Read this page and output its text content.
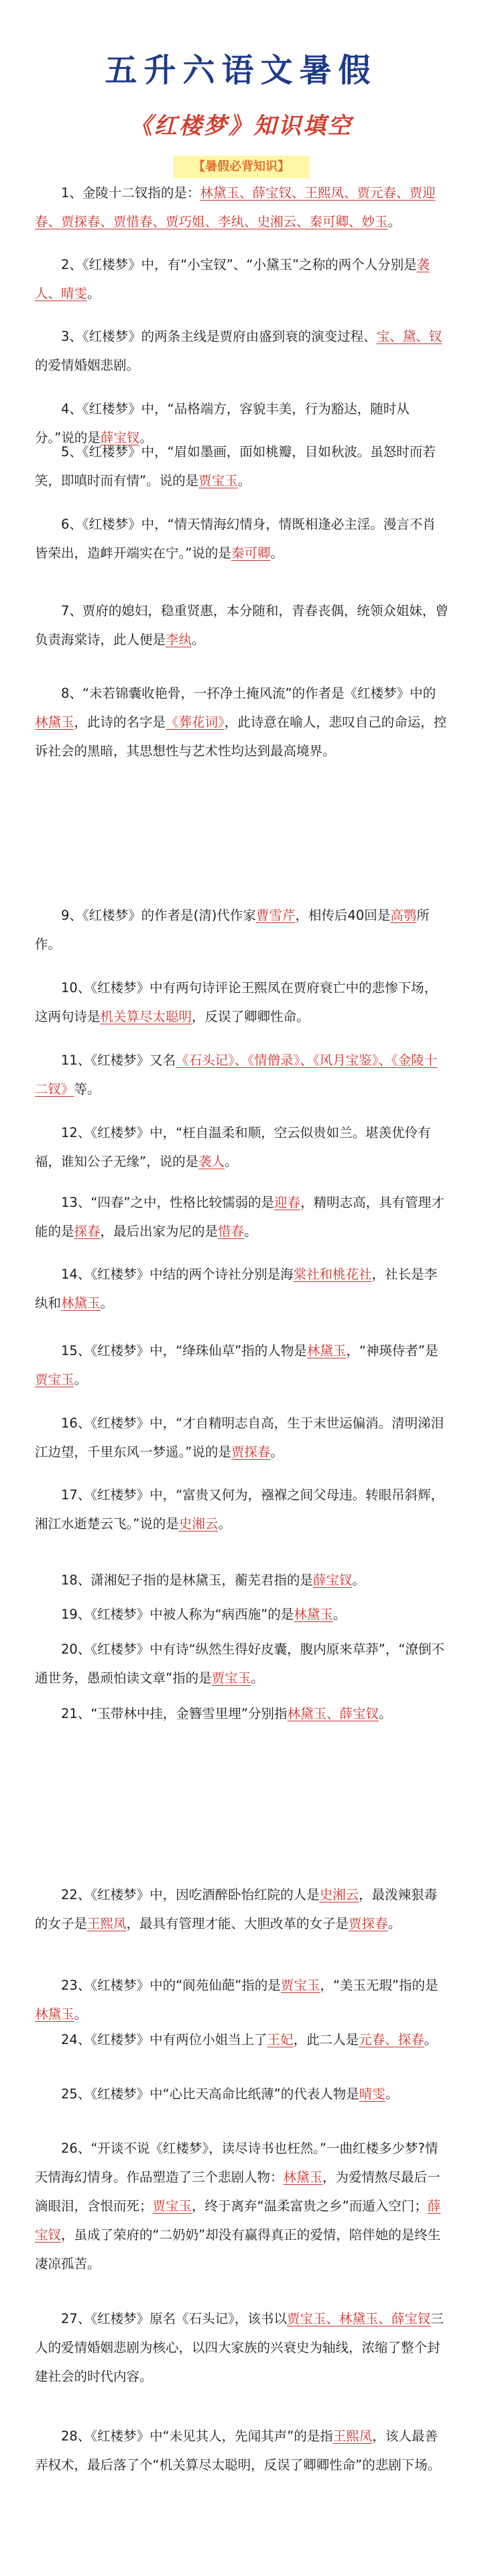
五升六语文暑假
《红楼梦》知识填空
【暑假必背知识】

1、金陵十二钗指的是：林黛玉、薛宝钗、王熙凤、贾元春、贾迎春、贾探春、贾惜春、贾巧姐、李纨、史湘云、秦可卿、妙玉。

2、《红楼梦》中，有“小宝钗”、“小黛玉”之称的两个人分别是袭人、晴雯。

3、《红楼梦》的两条主线是贾府由盛到衰的演变过程、宝、黛、钗的爱情婚姻悲剧。

4、《红楼梦》中，“品格端方，容貌丰美，行为豁达，随时从分。”说的是薛宝钗。

5、《红楼梦》中，“眉如墨画，面如桃瓣，目如秋波。虽怒时而若笑，即嗔时而有情”。说的是贾宝玉。

6、《红楼梦》中，“情天情海幻情身，情既相逢必主淫。漫言不肖皆荣出，造衅开端实在宁。”说的是秦可卿。

7、贾府的媳妇，稳重贤惠，本分随和，青春丧偶，统领众姐妹，曾负责海棠诗，此人便是李纨。

8、“未若锦囊收艳骨，一抔净土掩风流”的作者是《红楼梦》中的林黛玉，此诗的名字是《葬花词》，此诗意在喻人，悲叹自己的命运，控诉社会的黑暗，其思想性与艺术性均达到最高境界。

9、《红楼梦》的作者是(清)代作家曹雪芹，相传后40回是高鹗所作。

10、《红楼梦》中有两句诗评论王熙凤在贾府衰亡中的悲惨下场，这两句诗是机关算尽太聪明，反误了卿卿性命。

11、《红楼梦》又名《石头记》、《情僧录》、《风月宝鉴》、《金陵十二钗》等。

12、《红楼梦》中，“枉自温柔和顺，空云似贵如兰。堪羡优伶有福，谁知公子无缘”，说的是袭人。

13、“四春”之中，性格比较懦弱的是迎春，精明志高，具有管理才能的是探春，最后出家为尼的是惜春。

14、《红楼梦》中结的两个诗社分别是海棠社和桃花社，社长是李纨和林黛玉。

15、《红楼梦》中，“绛珠仙草”指的人物是林黛玉，“神瑛侍者”是贾宝玉。

16、《红楼梦》中，“才自精明志自高，生于末世运偏消。清明涕泪江边望，千里东风一梦遥。”说的是贾探春。

17、《红楼梦》中，“富贵又何为，襁褓之间父母违。转眼吊斜辉，湘江水逝楚云飞。”说的是史湘云。

18、潇湘妃子指的是林黛玉，蘅芜君指的是薛宝钗。

19、《红楼梦》中被人称为“病西施”的是林黛玉。

20、《红楼梦》中有诗“纵然生得好皮囊，腹内原来草莽”，“潦倒不通世务，愚顽怕读文章”指的是贾宝玉。

21、“玉带林中挂，金簪雪里埋”分别指林黛玉、薛宝钗。

22、《红楼梦》中，因吃酒醉卧怡红院的人是史湘云，最泼辣狠毒的女子是王熙凤，最具有管理才能、大胆改革的女子是贾探春。

23、《红楼梦》中的“阆苑仙葩”指的是贾宝玉，“美玉无瑕”指的是林黛玉。

24、《红楼梦》中有两位小姐当上了王妃，此二人是元春、探春。

25、《红楼梦》中“心比天高命比纸薄”的代表人物是晴雯。

26、“开谈不说《红楼梦》，读尽诗书也枉然。”一曲红楼多少梦?情天情海幻情身。作品塑造了三个悲剧人物：林黛玉，为爱情熬尽最后一滴眼泪，含恨而死；贾宝玉，终于离弃“温柔富贵之乡”而遁入空门；薛宝钗，虽成了荣府的“二奶奶”却没有赢得真正的爱情，陪伴她的是终生凄凉孤苦。

27、《红楼梦》原名《石头记》，该书以贾宝玉、林黛玉、薛宝钗三人的爱情婚姻悲剧为核心，以四大家族的兴衰史为轴线，浓缩了整个封建社会的时代内容。

28、《红楼梦》中“未见其人，先闻其声”的是指王熙凤，该人最善弄权术，最后落了个“机关算尽太聪明，反误了卿卿性命”的悲剧下场。
